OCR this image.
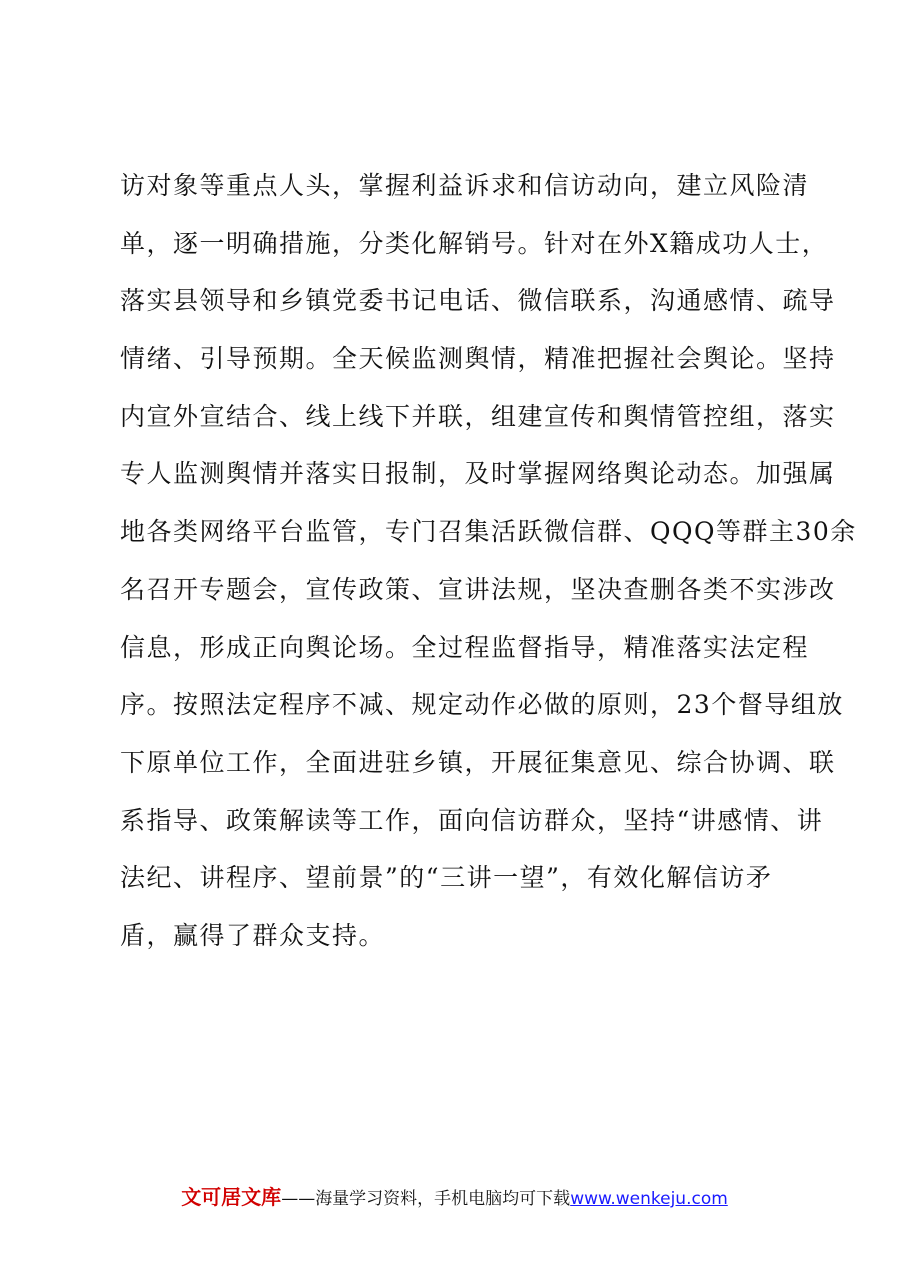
访对象等重点人头，掌握利益诉求和信访动向，建立风险清
单，逐一明确措施，分类化解销号。针对在外X籍成功人士，
落实县领导和乡镇党委书记电话、微信联系，沟通感情、疏导
情绪、引导预期。全天候监测舆情，精准把握社会舆论。坚持
内宣外宣结合、线上线下并联，组建宣传和舆情管控组，落实
专人监测舆情并落实日报制，及时掌握网络舆论动态。加强属
地各类网络平台监管，专门召集活跃微信群、QQQ等群主30余
名召开专题会，宣传政策、宣讲法规，坚决查删各类不实涉改
信息，形成正向舆论场。全过程监督指导，精准落实法定程
序。按照法定程序不减、规定动作必做的原则，23个督导组放
下原单位工作，全面进驻乡镇，开展征集意见、综合协调、联
系指导、政策解读等工作，面向信访群众，坚持“讲感情、讲
法纪、讲程序、望前景”的“三讲一望”，有效化解信访矛
盾，赢得了群众支持。
文可居文库——海量学习资料，手机电脑均可下载www.wenkeju.com
